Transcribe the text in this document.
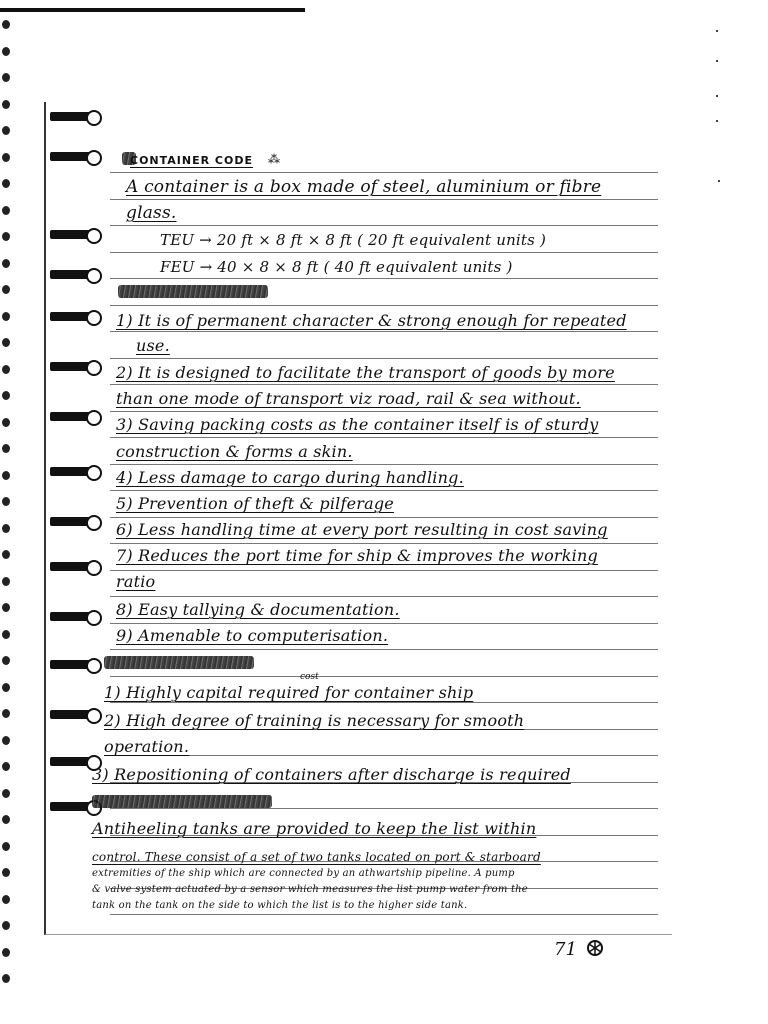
CONTAINER CODE ⁂
A container is a box made of steel, aluminium or fibre
glass.
TEU → 20 ft × 8 ft × 8 ft ( 20 ft equivalent units )
FEU → 40 × 8 × 8 ft ( 40 ft equivalent units )
1) It is of permanent character & strong enough for repeated
use.
2) It is designed to facilitate the transport of goods by more
than one mode of transport viz road, rail & sea without.
3) Saving packing costs as the container itself is of sturdy
construction & forms a skin.
4) Less damage to cargo during handling.
5) Prevention of theft & pilferage
6) Less handling time at every port resulting in cost saving
7) Reduces the port time for ship & improves the working
ratio
8) Easy tallying & documentation.
9) Amenable to computerisation.
cost
1) Highly capital required for container ship
2) High degree of training is necessary for smooth
operation.
3) Repositioning of containers after discharge is required
Antiheeling tanks are provided to keep the list within
control. These consist of a set of two tanks located on port & starboard
extremities of the ship which are connected by an athwartship pipeline. A pump
& valve system actuated by a sensor which measures the list pump water from the
tank on the tank on the side to which the list is to the higher side tank.
71
